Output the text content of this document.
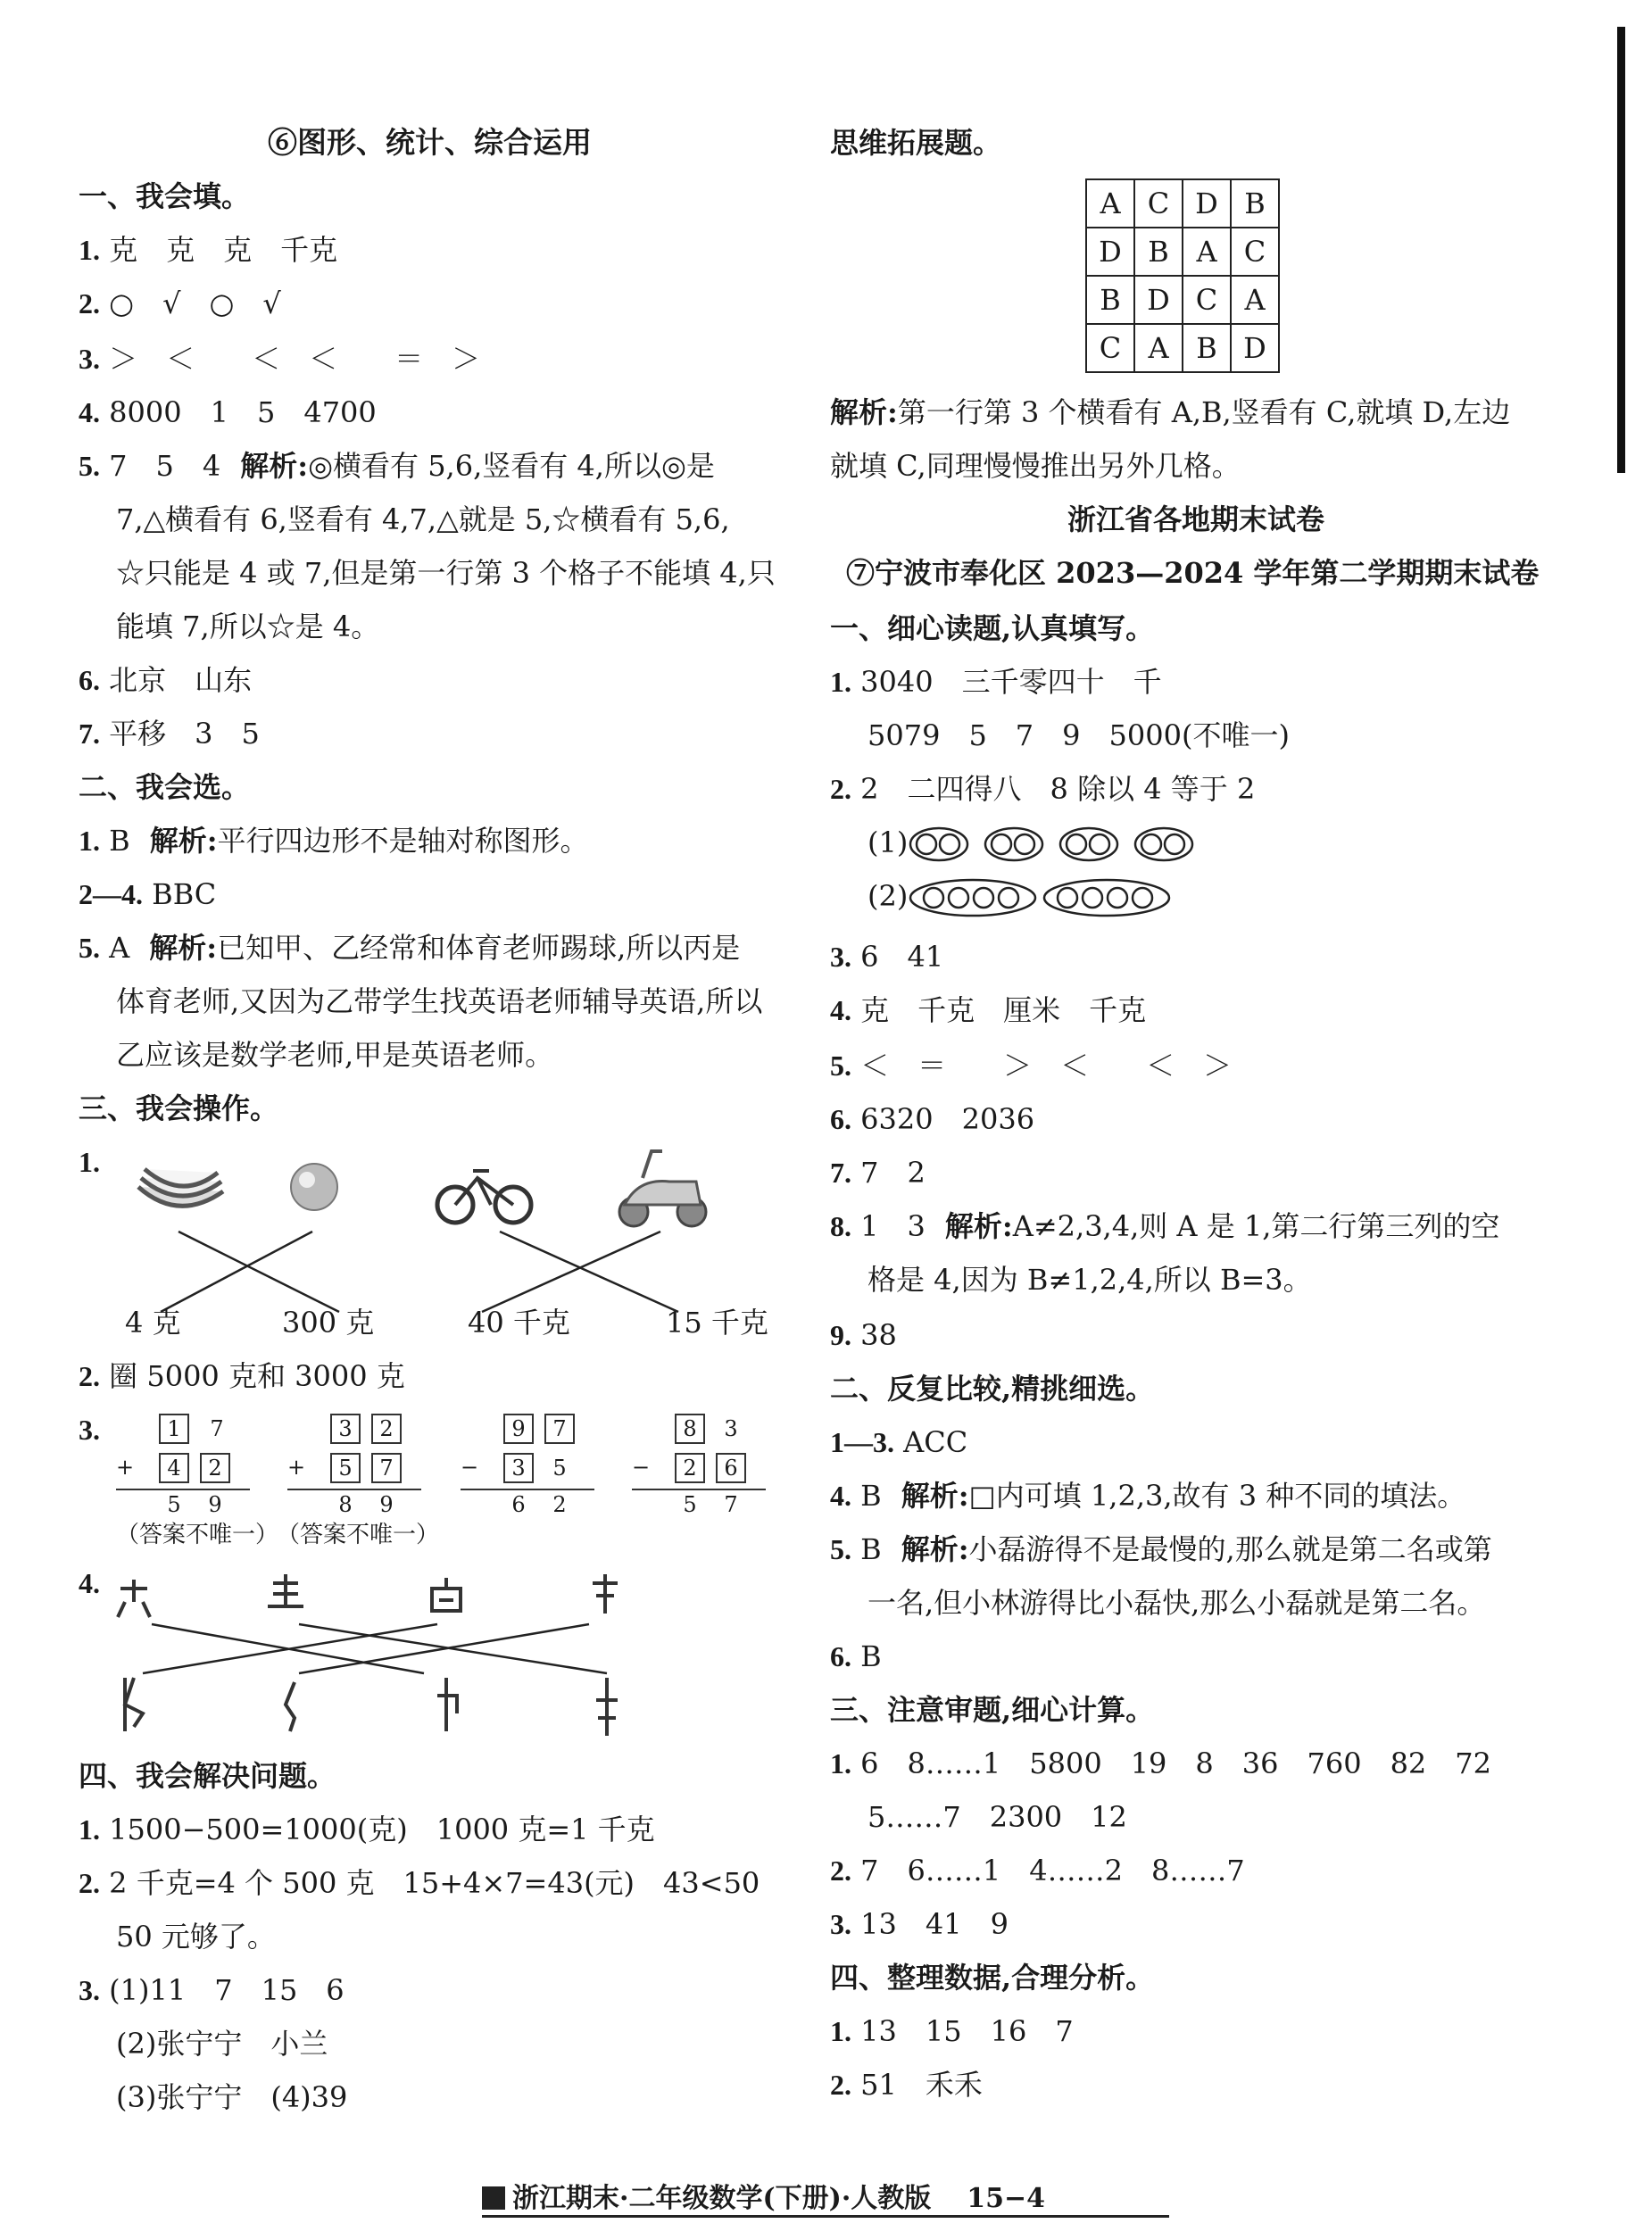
⑥图形、统计、综合运用
一、我会填。
1. 克　克　克　千克
2. ○　√　○　√
3. ＞　＜　　＜　＜　　＝　＞
4. 8000　1　5　4700
5. 7　5　4 解析:◎横看有 5,6,竖看有 4,所以◎是
7,△横看有 6,竖看有 4,7,△就是 5,☆横看有 5,6,
☆只能是 4 或 7,但是第一行第 3 个格子不能填 4,只
能填 7,所以☆是 4。
6. 北京　山东
7. 平移　3　5
二、我会选。
1. B 解析:平行四边形不是轴对称图形。
2—4. BBC
5. A 解析:已知甲、乙经常和体育老师踢球,所以丙是
体育老师,又因为乙带学生找英语老师辅导英语,所以
乙应该是数学老师,甲是英语老师。
三、我会操作。
1.
4 克	300 克	40 千克	15 千克
2. 圈 5000 克和 3000 克
3.	1	7
+	4	2
5	9
3	2
+	5	7
8	9
9	7
−	3	5
6	2
8	3
−	2	6
5	7
（答案不唯一）
（答案不唯一）
4.
四、我会解决问题。
1. 1500−500=1000(克)　1000 克=1 千克
2. 2 千克=4 个 500 克　15+4×7=43(元)　43<50
50 元够了。
3. (1)11　7　15　6
(2)张宁宁　小兰
(3)张宁宁　(4)39
思维拓展题。
A	C	D	B
D	B	A	C
B	D	C	A
C	A	B	D
解析:第一行第 3 个横看有 A,B,竖看有 C,就填 D,左边
就填 C,同理慢慢推出另外几格。
浙江省各地期末试卷
⑦宁波市奉化区 2023—2024 学年第二学期期末试卷
一、细心读题,认真填写。
1. 3040　三千零四十　千
5079　5　7　9　5000(不唯一)
2. 2　二四得八　8 除以 4 等于 2
(1)
(2)
3. 6　41
4. 克　千克　厘米　千克
5. ＜　＝　　＞　＜　　＜　＞
6. 6320　2036
7. 7　2
8. 1　3 解析:A≠2,3,4,则 A 是 1,第二行第三列的空
格是 4,因为 B≠1,2,4,所以 B=3。
9. 38
二、反复比较,精挑细选。
1—3. ACC
4. B 解析:□内可填 1,2,3,故有 3 种不同的填法。
5. B 解析:小磊游得不是最慢的,那么就是第二名或第
一名,但小林游得比小磊快,那么小磊就是第二名。
6. B
三、注意审题,细心计算。
1. 6　8……1　5800　19　8　36　760　82　72
5……7　2300　12
2. 7　6……1　4……2　8……7
3. 13　41　9
四、整理数据,合理分析。
1. 13　15　16　7
2. 51　禾禾
浙江期末·二年级数学(下册)·人教版 15−4
